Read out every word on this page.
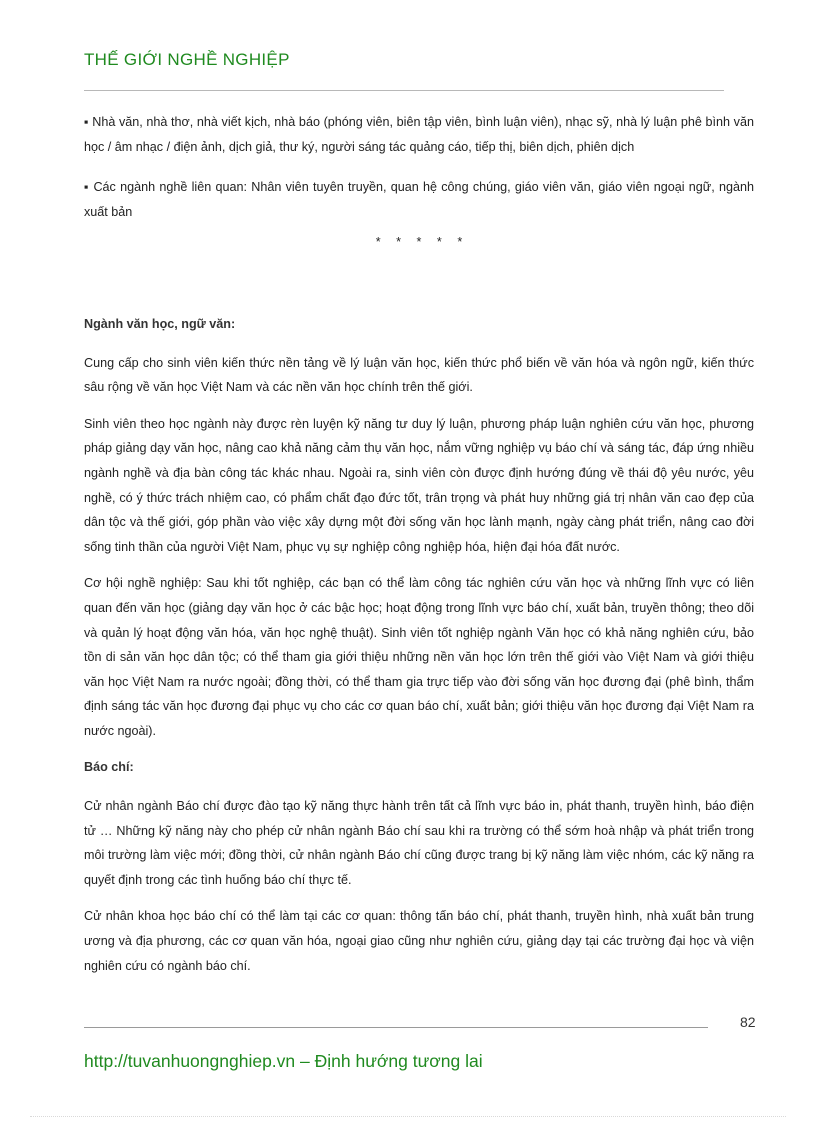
THẾ GIỚI NGHỀ NGHIỆP

▪ Nhà văn, nhà thơ, nhà viết kịch, nhà báo (phóng viên, biên tập viên, bình luận viên), nhạc sỹ, nhà lý luận phê bình văn học / âm nhạc / điện ảnh, dịch giả, thư ký, người sáng tác quảng cáo, tiếp thị, biên dịch, phiên dịch

▪ Các ngành nghề liên quan: Nhân viên tuyên truyền, quan hệ công chúng, giáo viên văn, giáo viên ngoại ngữ, ngành xuất bản

* * * * *

Ngành văn học, ngữ văn:

Cung cấp cho sinh viên kiến thức nền tảng về lý luận văn học, kiến thức phổ biến về văn hóa và ngôn ngữ, kiến thức sâu rộng về văn học Việt Nam và các nền văn học chính trên thế giới.

Sinh viên theo học ngành này được rèn luyện kỹ năng tư duy lý luận, phương pháp luận nghiên cứu văn học, phương pháp giảng dạy văn học, nâng cao khả năng cảm thụ văn học, nắm vững nghiệp vụ báo chí và sáng tác, đáp ứng nhiều ngành nghề và địa bàn công tác khác nhau. Ngoài ra, sinh viên còn được định hướng đúng về thái độ yêu nước, yêu nghề, có ý thức trách nhiệm cao, có phẩm chất đạo đức tốt, trân trọng và phát huy những giá trị nhân văn cao đẹp của dân tộc và thế giới, góp phần vào việc xây dựng một đời sống văn học lành mạnh, ngày càng phát triển, nâng cao đời sống tinh thần của người Việt Nam, phục vụ sự nghiệp công nghiệp hóa, hiện đại hóa đất nước.

Cơ hội nghề nghiệp: Sau khi tốt nghiệp, các bạn có thể làm công tác nghiên cứu văn học và những lĩnh vực có liên quan đến văn học (giảng dạy văn học ở các bậc học; hoạt động trong lĩnh vực báo chí, xuất bản, truyền thông; theo dõi và quản lý hoạt động văn hóa, văn học nghệ thuật). Sinh viên tốt nghiệp ngành Văn học có khả năng nghiên cứu, bảo tồn di sản văn học dân tộc; có thể tham gia giới thiệu những nền văn học lớn trên thế giới vào Việt Nam và giới thiệu văn học Việt Nam ra nước ngoài; đồng thời, có thể tham gia trực tiếp vào đời sống văn học đương đại (phê bình, thẩm định sáng tác văn học đương đại phục vụ cho các cơ quan báo chí, xuất bản; giới thiệu văn học đương đại Việt Nam ra nước ngoài).

Báo chí:

Cử nhân ngành Báo chí được đào tạo kỹ năng thực hành trên tất cả lĩnh vực báo in, phát thanh, truyền hình, báo điện tử … Những kỹ năng này cho phép cử nhân ngành Báo chí sau khi ra trường có thể sớm hoà nhập và phát triển trong môi trường làm việc mới; đồng thời, cử nhân ngành Báo chí cũng được trang bị kỹ năng làm việc nhóm, các kỹ năng ra quyết định trong các tình huống báo chí thực tế.

Cử nhân khoa học báo chí có thể làm tại các cơ quan: thông tấn báo chí, phát thanh, truyền hình, nhà xuất bản trung ương và địa phương, các cơ quan văn hóa, ngoại giao cũng như nghiên cứu, giảng dạy tại các trường đại học và viện nghiên cứu có ngành báo chí.

82
http://tuvanhuongnghiep.vn – Định hướng tương lai
